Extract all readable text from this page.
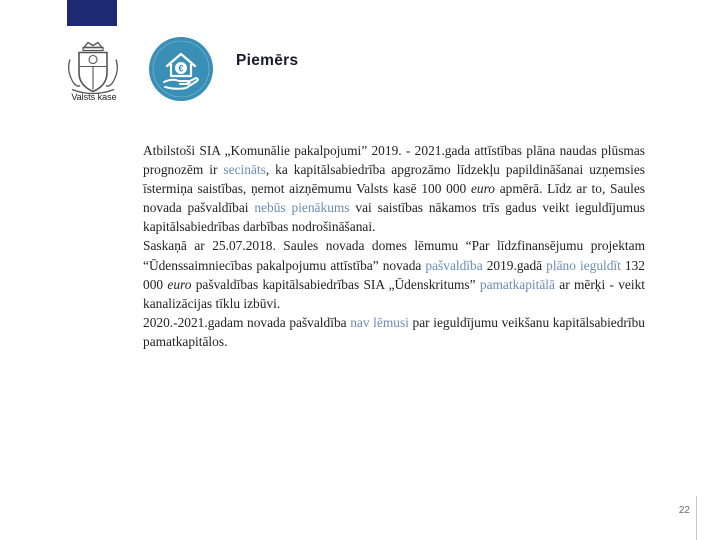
Valsts kase
€	Piemērs

Atbilstoši SIA „Komunālie pakalpojumi” 2019. - 2021.gada attīstības plāna naudas plūsmas prognozēm ir secināts, ka kapitālsabiedrība apgrozāmo līdzekļu papildināšanai uzņemsies īstermiņa saistības, ņemot aizņēmumu Valsts kasē 100 000 euro apmērā. Līdz ar to, Saules novada pašvaldībai nebūs pienākums vai saistības nākamos trīs gadus veikt ieguldījumus kapitālsabiedrības darbības nodrošināšanai.

Saskaņā ar 25.07.2018. Saules novada domes lēmumu “Par līdzfinansējumu projektam “Ūdenssaimniecības pakalpojumu attīstība” novada pašvaldība 2019.gadā plāno ieguldīt 132 000 euro pašvaldības kapitālsabiedrības SIA „Ūdenskritums” pamatkapitālā ar mērķi - veikt kanalizācijas tīklu izbūvi.

2020.-2021.gadam novada pašvaldība nav lēmusi par ieguldījumu veikšanu kapitālsabiedrību pamatkapitālos.

22
